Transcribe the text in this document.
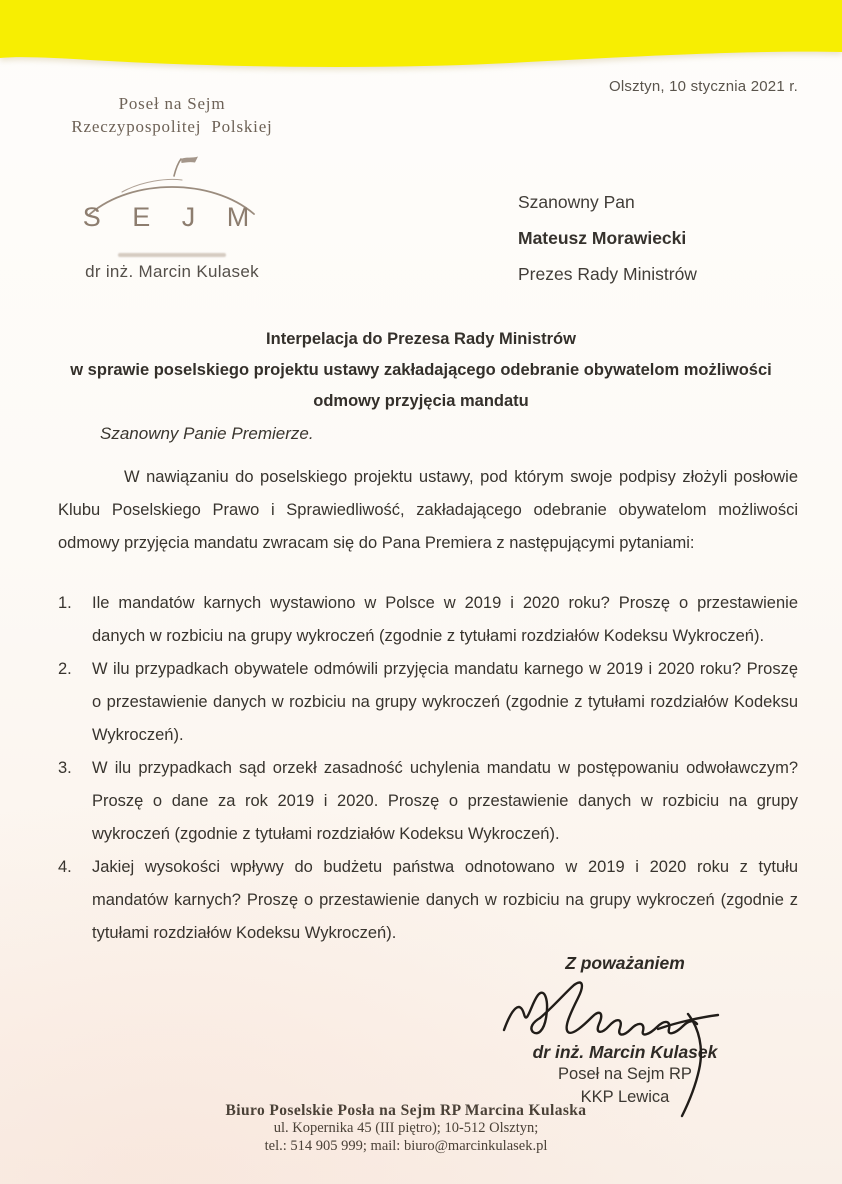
Olsztyn, 10 stycznia 2021 r.
Poseł na Sejm
Rzeczypospolitej  Polskiej
S E J M
dr inż. Marcin Kulasek
Szanowny Pan
Mateusz Morawiecki
Prezes Rady Ministrów
Interpelacja do Prezesa Rady Ministrów
w sprawie poselskiego projektu ustawy zakładającego odebranie obywatelom możliwości odmowy przyjęcia mandatu
Szanowny Panie Premierze.

W nawiązaniu do poselskiego projektu ustawy, pod którym swoje podpisy złożyli posłowie Klubu Poselskiego Prawo i Sprawiedliwość, zakładającego odebranie obywatelom możliwości odmowy przyjęcia mandatu zwracam się do Pana Premiera z następującymi pytaniami:

1.	Ile mandatów karnych wystawiono w Polsce w 2019 i 2020 roku? Proszę o przestawienie danych w rozbiciu na grupy wykroczeń (zgodnie z tytułami rozdziałów Kodeksu Wykroczeń).
2.	W ilu przypadkach obywatele odmówili przyjęcia mandatu karnego w 2019 i 2020 roku? Proszę o przestawienie danych w rozbiciu na grupy wykroczeń (zgodnie z tytułami rozdziałów Kodeksu Wykroczeń).
3.	W ilu przypadkach sąd orzekł zasadność uchylenia mandatu w postępowaniu odwoławczym? Proszę o dane za rok 2019 i 2020. Proszę o przestawienie danych w rozbiciu na grupy wykroczeń (zgodnie z tytułami rozdziałów Kodeksu Wykroczeń).
4.	Jakiej wysokości wpływy do budżetu państwa odnotowano w 2019 i 2020 roku z tytułu mandatów karnych? Proszę o przestawienie danych w rozbiciu na grupy wykroczeń (zgodnie z tytułami rozdziałów Kodeksu Wykroczeń).
Z poważaniem
dr inż. Marcin Kulasek
Poseł na Sejm RP
KKP Lewica
Biuro Poselskie Posła na Sejm RP Marcina Kulaska
ul. Kopernika 45 (III piętro); 10-512 Olsztyn;
tel.: 514 905 999; mail: biuro@marcinkulasek.pl
